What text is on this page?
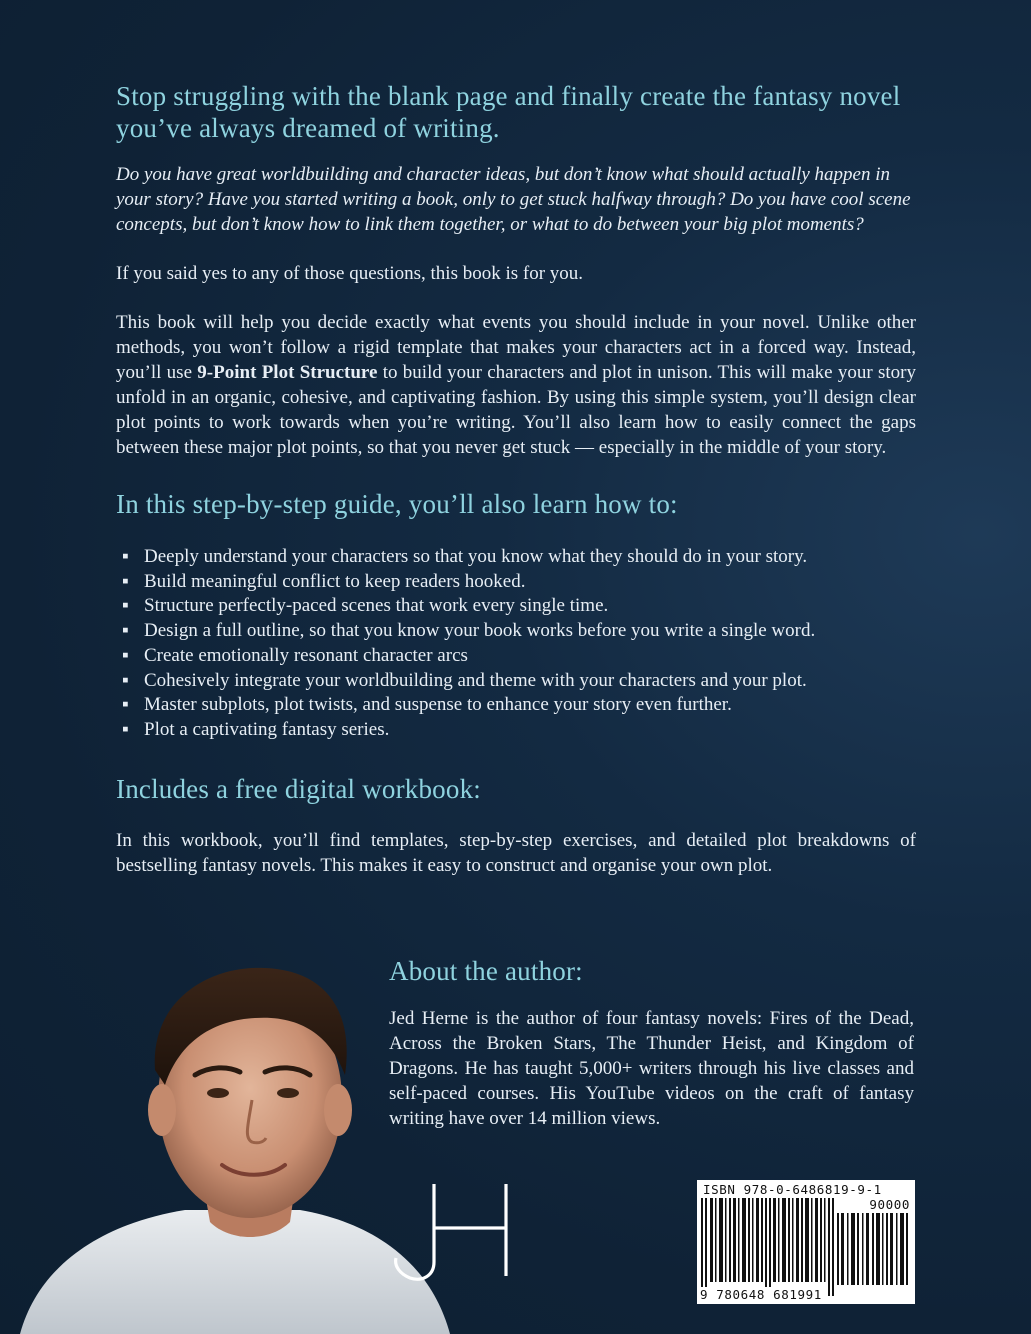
Stop struggling with the blank page and finally create the fantasy novel you’ve always dreamed of writing.

Do you have great worldbuilding and character ideas, but don’t know what should actually happen in your story? Have you started writing a book, only to get stuck halfway through? Do you have cool scene concepts, but don’t know how to link them together, or what to do between your big plot moments?

If you said yes to any of those questions, this book is for you.

This book will help you decide exactly what events you should include in your novel. Unlike other methods, you won’t follow a rigid template that makes your characters act in a forced way. Instead, you’ll use 9-Point Plot Structure to build your characters and plot in unison. This will make your story unfold in an organic, cohesive, and captivating fashion. By using this simple system, you’ll design clear plot points to work towards when you’re writing. You’ll also learn how to easily connect the gaps between these major plot points, so that you never get stuck — especially in the middle of your story.

In this step-by-step guide, you’ll also learn how to:
▪ Deeply understand your characters so that you know what they should do in your story.
▪ Build meaningful conflict to keep readers hooked.
▪ Structure perfectly-paced scenes that work every single time.
▪ Design a full outline, so that you know your book works before you write a single word.
▪ Create emotionally resonant character arcs
▪ Cohesively integrate your worldbuilding and theme with your characters and your plot.
▪ Master subplots, plot twists, and suspense to enhance your story even further.
▪ Plot a captivating fantasy series.
Includes a free digital workbook:

In this workbook, you’ll find templates, step-by-step exercises, and detailed plot breakdowns of bestselling fantasy novels. This makes it easy to construct and organise your own plot.

ISBN 978-0-6486819-9-1
90000
9 780648 681991
About the author:

Jed Herne is the author of four fantasy novels: Fires of the Dead, Across the Broken Stars, The Thunder Heist, and Kingdom of Dragons. He has taught 5,000+ writers through his live classes and self-paced courses. His YouTube videos on the craft of fantasy writing have over 14 million views.
